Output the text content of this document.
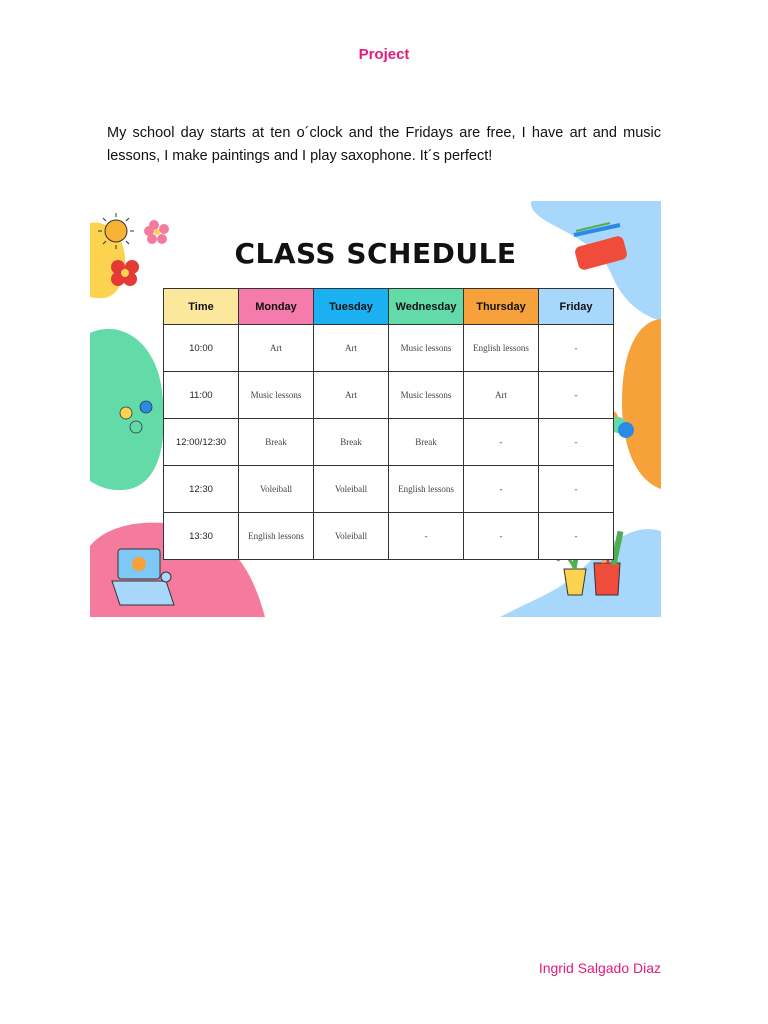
Project
My school day starts at ten o´clock and the Fridays are free, I have art and music lessons, I make paintings and I play saxophone. It´s perfect!
CLASS SCHEDULE
Time	Monday	Tuesday	Wednesday	Thursday	Friday
10:00	Art	Art	Music lessons	English lessons	-
11:00	Music lessons	Art	Music lessons	Art	-
12:00/12:30	Break	Break	Break	-	-
12:30	Voleiball	Voleiball	English lessons	-	-
13:30	English lessons	Voleiball	-	-	-
Ingrid Salgado Diaz
